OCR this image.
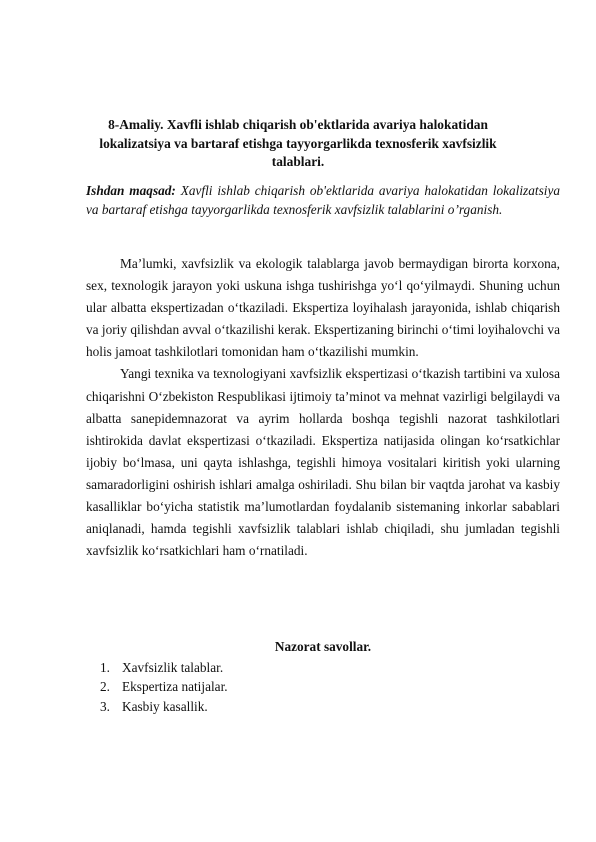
8-Amaliy. Xavfli ishlab chiqarish ob'ektlarida avariya halokatidan
lokalizatsiya va bartaraf etishga tayyorgarlikda texnosferik xavfsizlik
talablari.
Ishdan maqsad: Xavfli ishlab chiqarish ob'ektlarida avariya halokatidan lokalizatsiya va bartaraf etishga tayyorgarlikda texnosferik xavfsizlik talablarini o’rganish.

Ma’lumki, xavfsizlik va ekologik talablarga javob bermaydigan birorta korxona, sex, texnologik jarayon yoki uskuna ishga tushirishga yo‘l qo‘yilmaydi. Shuning uchun ular albatta ekspertizadan o‘tkaziladi. Ekspertiza loyihalash jarayonida, ishlab chiqarish va joriy qilishdan avval o‘tkazilishi kerak. Ekspertizaning birinchi o‘timi loyihalovchi va holis jamoat tashkilotlari tomonidan ham o‘tkazilishi mumkin.

Yangi texnika va texnologiyani xavfsizlik ekspertizasi o‘tkazish tartibini va xulosa chiqarishni O‘zbekiston Respublikasi ijtimoiy ta’minot va mehnat vazirligi belgilaydi va albatta sanepidemnazorat va ayrim hollarda boshqa tegishli nazorat tashkilotlari ishtirokida davlat ekspertizasi o‘tkaziladi. Ekspertiza natijasida olingan ko‘rsatkichlar ijobiy bo‘lmasa, uni qayta ishlashga, tegishli himoya vositalari kiritish yoki ularning samaradorligini oshirish ishlari amalga oshiriladi. Shu bilan bir vaqtda jarohat va kasbiy kasalliklar bo‘yicha statistik ma’lumotlardan foydalanib sistemaning inkorlar sabablari aniqlanadi, hamda tegishli xavfsizlik talablari ishlab chiqiladi, shu jumladan tegishli xavfsizlik ko‘rsatkichlari ham o‘rnatiladi.

Nazorat savollar.
1. Xavfsizlik talablar.
2. Ekspertiza natijalar.
3. Kasbiy kasallik.
